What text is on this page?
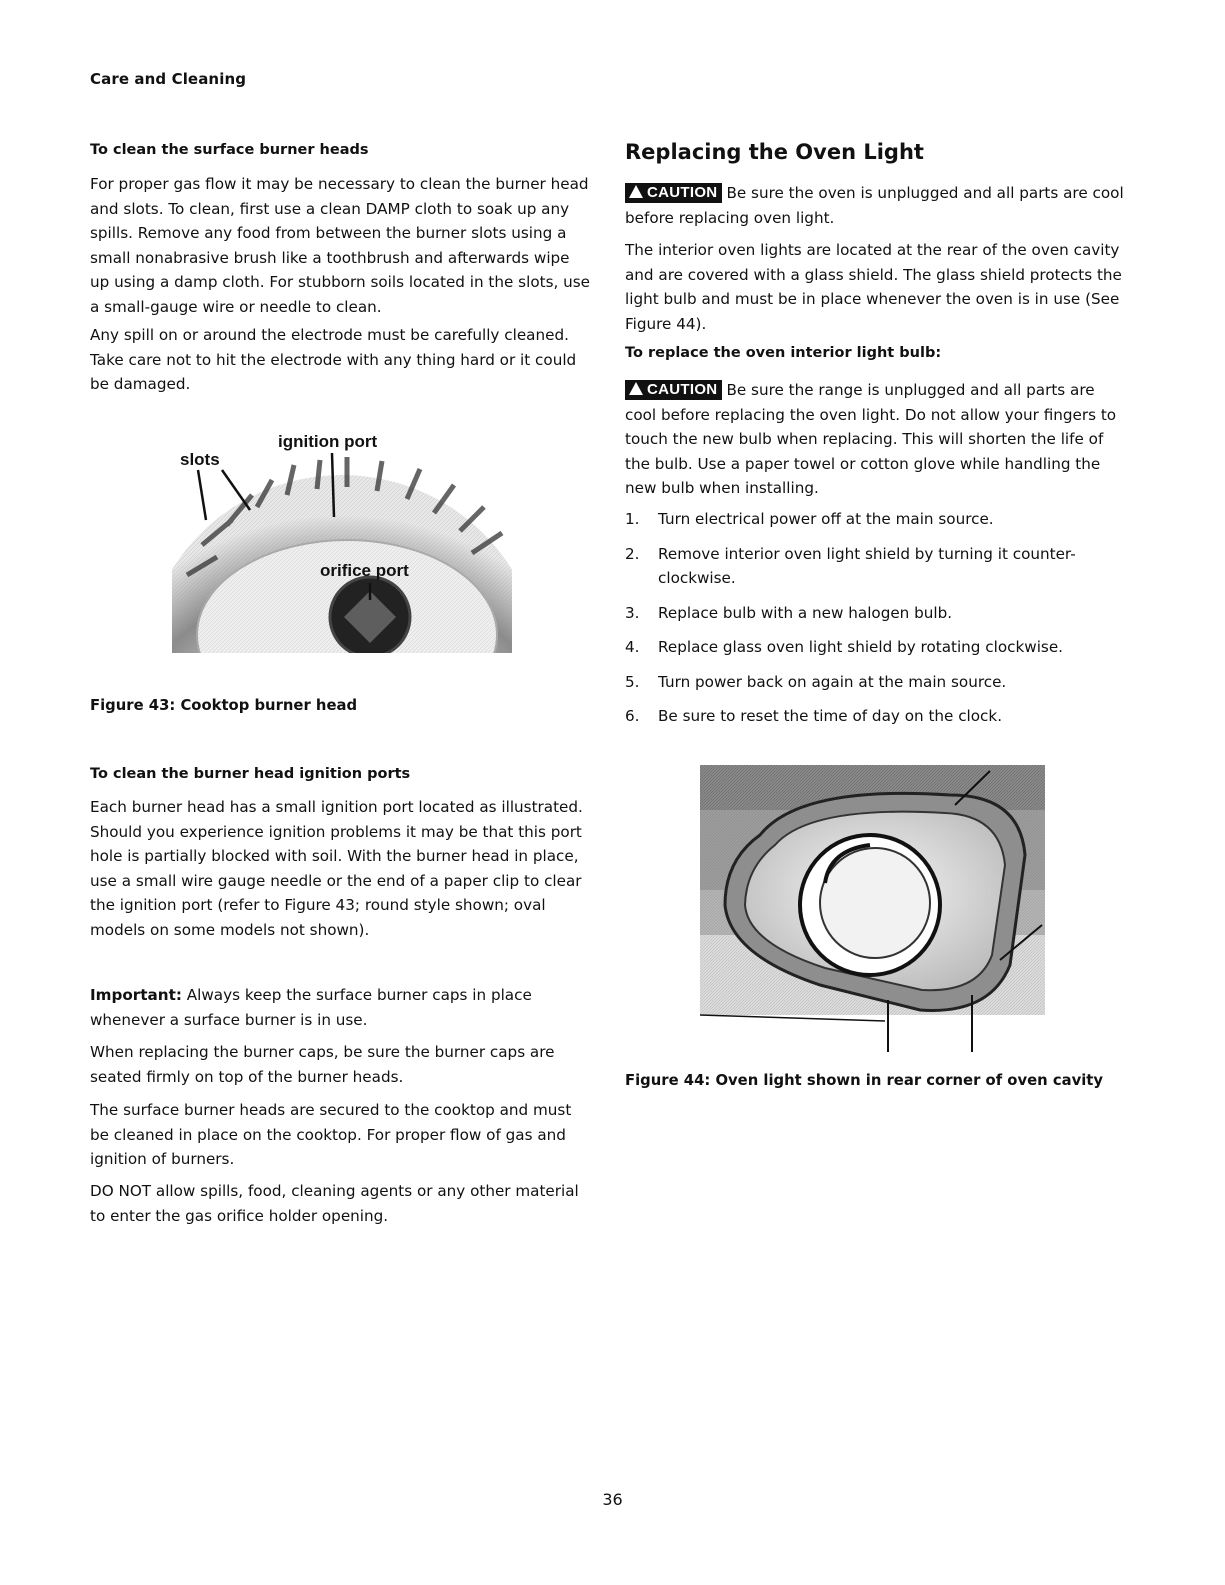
Care and Cleaning
To clean the surface burner heads

For proper gas flow it may be necessary to clean the burner head and slots. To clean, first use a clean DAMP cloth to soak up any spills. Remove any food from between the burner slots using a small nonabrasive brush like a toothbrush and afterwards wipe up using a damp cloth. For stubborn soils located in the slots, use a small-gauge wire or needle to clean.

Any spill on or around the electrode must be carefully cleaned. Take care not to hit the electrode with any thing hard or it could be damaged.

slots
ignition port
orifice port
Figure 43: Cooktop burner head
To clean the burner head ignition ports

Each burner head has a small ignition port located as illustrated. Should you experience ignition problems it may be that this port hole is partially blocked with soil. With the burner head in place, use a small wire gauge needle or the end of a paper clip to clear the ignition port (refer to Figure 43; round style shown; oval models on some models not shown).

Important: Always keep the surface burner caps in place whenever a surface burner is in use.

When replacing the burner caps, be sure the burner caps are seated firmly on top of the burner heads.

The surface burner heads are secured to the cooktop and must be cleaned in place on the cooktop. For proper flow of gas and ignition of burners.

DO NOT allow spills, food, cleaning agents or any other material to enter the gas orifice holder opening.

Replacing the Oven Light

CAUTION Be sure the oven is unplugged and all parts are cool before replacing oven light.

The interior oven lights are located at the rear of the oven cavity and are covered with a glass shield. The glass shield protects the light bulb and must be in place whenever the oven is in use (See Figure 44).

To replace the oven interior light bulb:

CAUTION Be sure the range is unplugged and all parts are cool before replacing the oven light. Do not allow your fingers to touch the new bulb when replacing. This will shorten the life of the bulb. Use a paper towel or cotton glove while handling the new bulb when installing.

1. Turn electrical power off at the main source.
2. Remove interior oven light shield by turning it counter-clockwise.
3. Replace bulb with a new halogen bulb.
4. Replace glass oven light shield by rotating clockwise.
5. Turn power back on again at the main source.
6. Be sure to reset the time of day on the clock.
Figure 44: Oven light shown in rear corner of oven cavity
36
